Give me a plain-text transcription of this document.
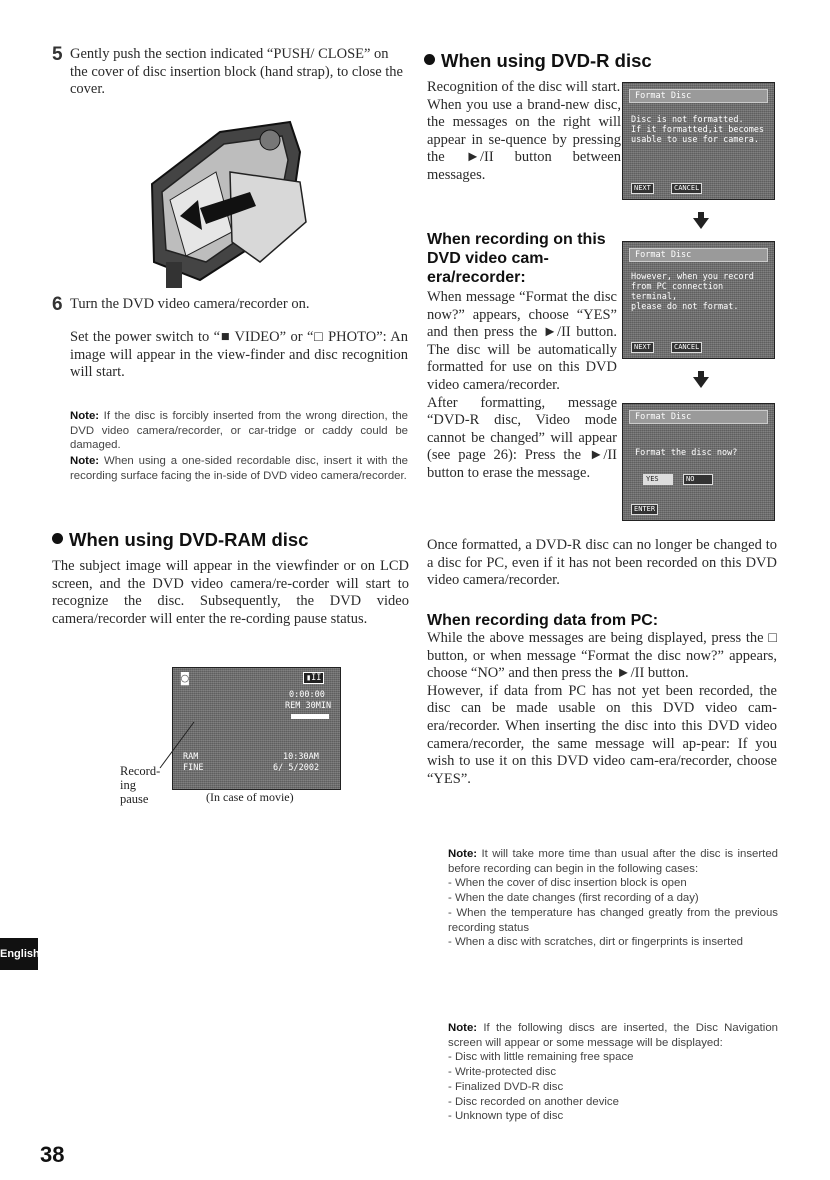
5 Gently push the section indicated “PUSH/ CLOSE” on the cover of disc insertion block (hand strap), to close the cover.
6 Turn the DVD video camera/recorder on.
Set the power switch to “■ VIDEO” or “□ PHOTO”: An image will appear in the view-finder and disc recognition will start.
Note: If the disc is forcibly inserted from the wrong direction, the DVD video camera/recorder, or car-tridge or caddy could be damaged.
Note: When using a one-sided recordable disc, insert it with the recording surface facing the in-side of DVD video camera/recorder.
When using DVD-RAM disc
The subject image will appear in the viewfinder or on LCD screen, and the DVD video camera/re-corder will start to recognize the disc. Subsequently, the DVD video camera/recorder will enter the re-cording pause status.
◙	▮II
0:00:00
REM 30MIN
RAM
FINE
10:30AM
6/ 5/2002
Record-
ing
pause	(In case of movie)
When using DVD-R disc
Recognition of the disc will start.
When you use a brand-new disc, the messages on the right will appear in se-quence by pressing the ►/II button between messages.
Format Disc
Disc is not formatted.
If it formatted,it becomes
usable to use for camera.
NEXT	CANCEL
Format Disc
However, when you record
from PC connection
terminal,
please do not format.
NEXT	CANCEL
Format Disc
Format the disc now?
YES	NO
ENTER
When recording on this DVD video cam-era/recorder:
When message “Format the disc now?” appears, choose “YES” and then press the ►/II button. The disc will be automatically formatted for use on this DVD video camera/recorder.
After formatting, message “DVD-R disc, Video mode cannot be changed” will appear (see page 26): Press the ►/II button to erase the message.
Once formatted, a DVD-R disc can no longer be changed to a disc for PC, even if it has not been recorded on this DVD video camera/recorder.
When recording data from PC:
While the above messages are being displayed, press the □ button, or when message “Format the disc now?” appears, choose “NO” and then press the ►/II button.
However, if data from PC has not yet been recorded, the disc can be made usable on this DVD video cam-era/recorder. When inserting the disc into this DVD video camera/recorder, the same message will ap-pear: If you wish to use it on this DVD video cam-era/recorder, choose “YES”.
Note: It will take more time than usual after the disc is inserted before recording can begin in the following cases:
- When the cover of disc insertion block is open
- When the date changes (first recording of a day)
- When the temperature has changed greatly from the previous recording status
- When a disc with scratches, dirt or fingerprints is inserted
Note: If the following discs are inserted, the Disc Navigation screen will appear or some message will be displayed:
- Disc with little remaining free space
- Write-protected disc
- Finalized DVD-R disc
- Disc recorded on another device
- Unknown type of disc
English
38
